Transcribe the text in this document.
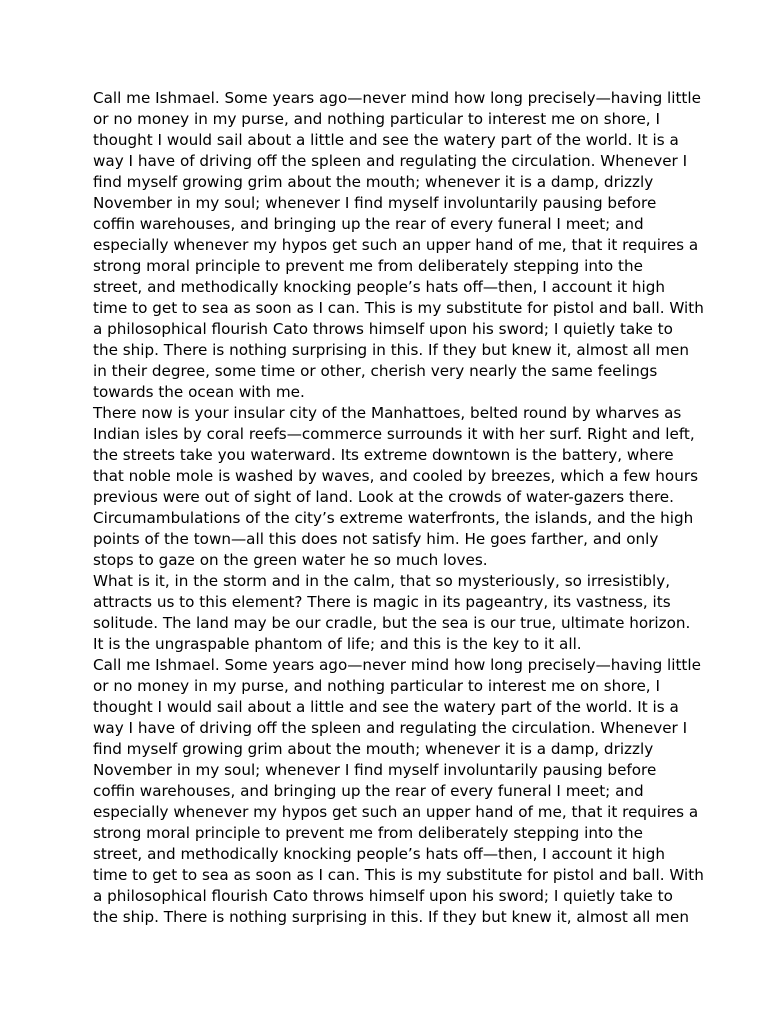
Call me Ishmael. Some years ago—never mind how long precisely—having little
or no money in my purse, and nothing particular to interest me on shore, I
thought I would sail about a little and see the watery part of the world. It is a
way I have of driving off the spleen and regulating the circulation. Whenever I
find myself growing grim about the mouth; whenever it is a damp, drizzly
November in my soul; whenever I find myself involuntarily pausing before
coffin warehouses, and bringing up the rear of every funeral I meet; and
especially whenever my hypos get such an upper hand of me, that it requires a
strong moral principle to prevent me from deliberately stepping into the
street, and methodically knocking people’s hats off—then, I account it high
time to get to sea as soon as I can. This is my substitute for pistol and ball. With
a philosophical flourish Cato throws himself upon his sword; I quietly take to
the ship. There is nothing surprising in this. If they but knew it, almost all men
in their degree, some time or other, cherish very nearly the same feelings
towards the ocean with me.
There now is your insular city of the Manhattoes, belted round by wharves as
Indian isles by coral reefs—commerce surrounds it with her surf. Right and left,
the streets take you waterward. Its extreme downtown is the battery, where
that noble mole is washed by waves, and cooled by breezes, which a few hours
previous were out of sight of land. Look at the crowds of water-gazers there.
Circumambulations of the city’s extreme waterfronts, the islands, and the high
points of the town—all this does not satisfy him. He goes farther, and only
stops to gaze on the green water he so much loves.
What is it, in the storm and in the calm, that so mysteriously, so irresistibly,
attracts us to this element? There is magic in its pageantry, its vastness, its
solitude. The land may be our cradle, but the sea is our true, ultimate horizon.
It is the ungraspable phantom of life; and this is the key to it all.
Call me Ishmael. Some years ago—never mind how long precisely—having little
or no money in my purse, and nothing particular to interest me on shore, I
thought I would sail about a little and see the watery part of the world. It is a
way I have of driving off the spleen and regulating the circulation. Whenever I
find myself growing grim about the mouth; whenever it is a damp, drizzly
November in my soul; whenever I find myself involuntarily pausing before
coffin warehouses, and bringing up the rear of every funeral I meet; and
especially whenever my hypos get such an upper hand of me, that it requires a
strong moral principle to prevent me from deliberately stepping into the
street, and methodically knocking people’s hats off—then, I account it high
time to get to sea as soon as I can. This is my substitute for pistol and ball. With
a philosophical flourish Cato throws himself upon his sword; I quietly take to
the ship. There is nothing surprising in this. If they but knew it, almost all men
